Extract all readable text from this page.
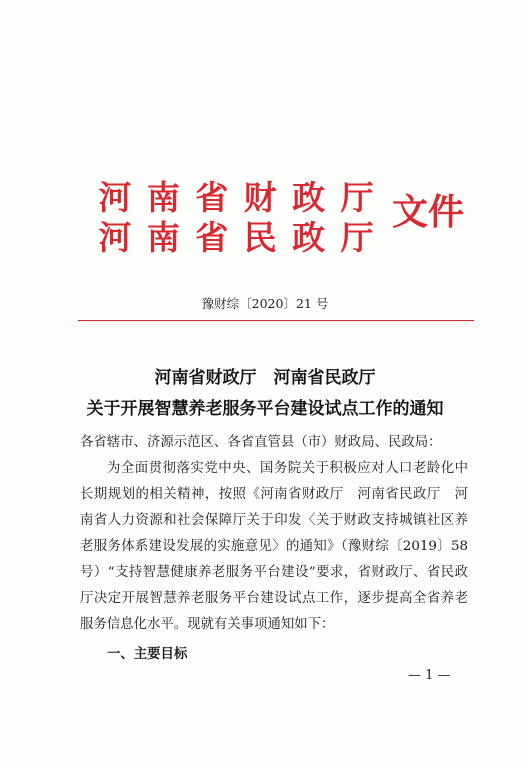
河 南 省 财 政 厅
河 南 省 民 政 厅
文件
豫财综〔2020〕21 号
河南省财政厅　河南省民政厅
关于开展智慧养老服务平台建设试点工作的通知
各省辖市、济源示范区、各省直管县（市）财政局、民政局：
为全面贯彻落实党中央、国务院关于积极应对人口老龄化中长期规划的相关精神，按照《河南省财政厅　河南省民政厅　河南省人力资源和社会保障厅关于印发〈关于财政支持城镇社区养老服务体系建设发展的实施意见〉的通知》（豫财综〔2019〕58 号）“支持智慧健康养老服务平台建设”要求，省财政厅、省民政厅决定开展智慧养老服务平台建设试点工作，逐步提高全省养老服务信息化水平。现就有关事项通知如下：
一、主要目标
— 1 —
